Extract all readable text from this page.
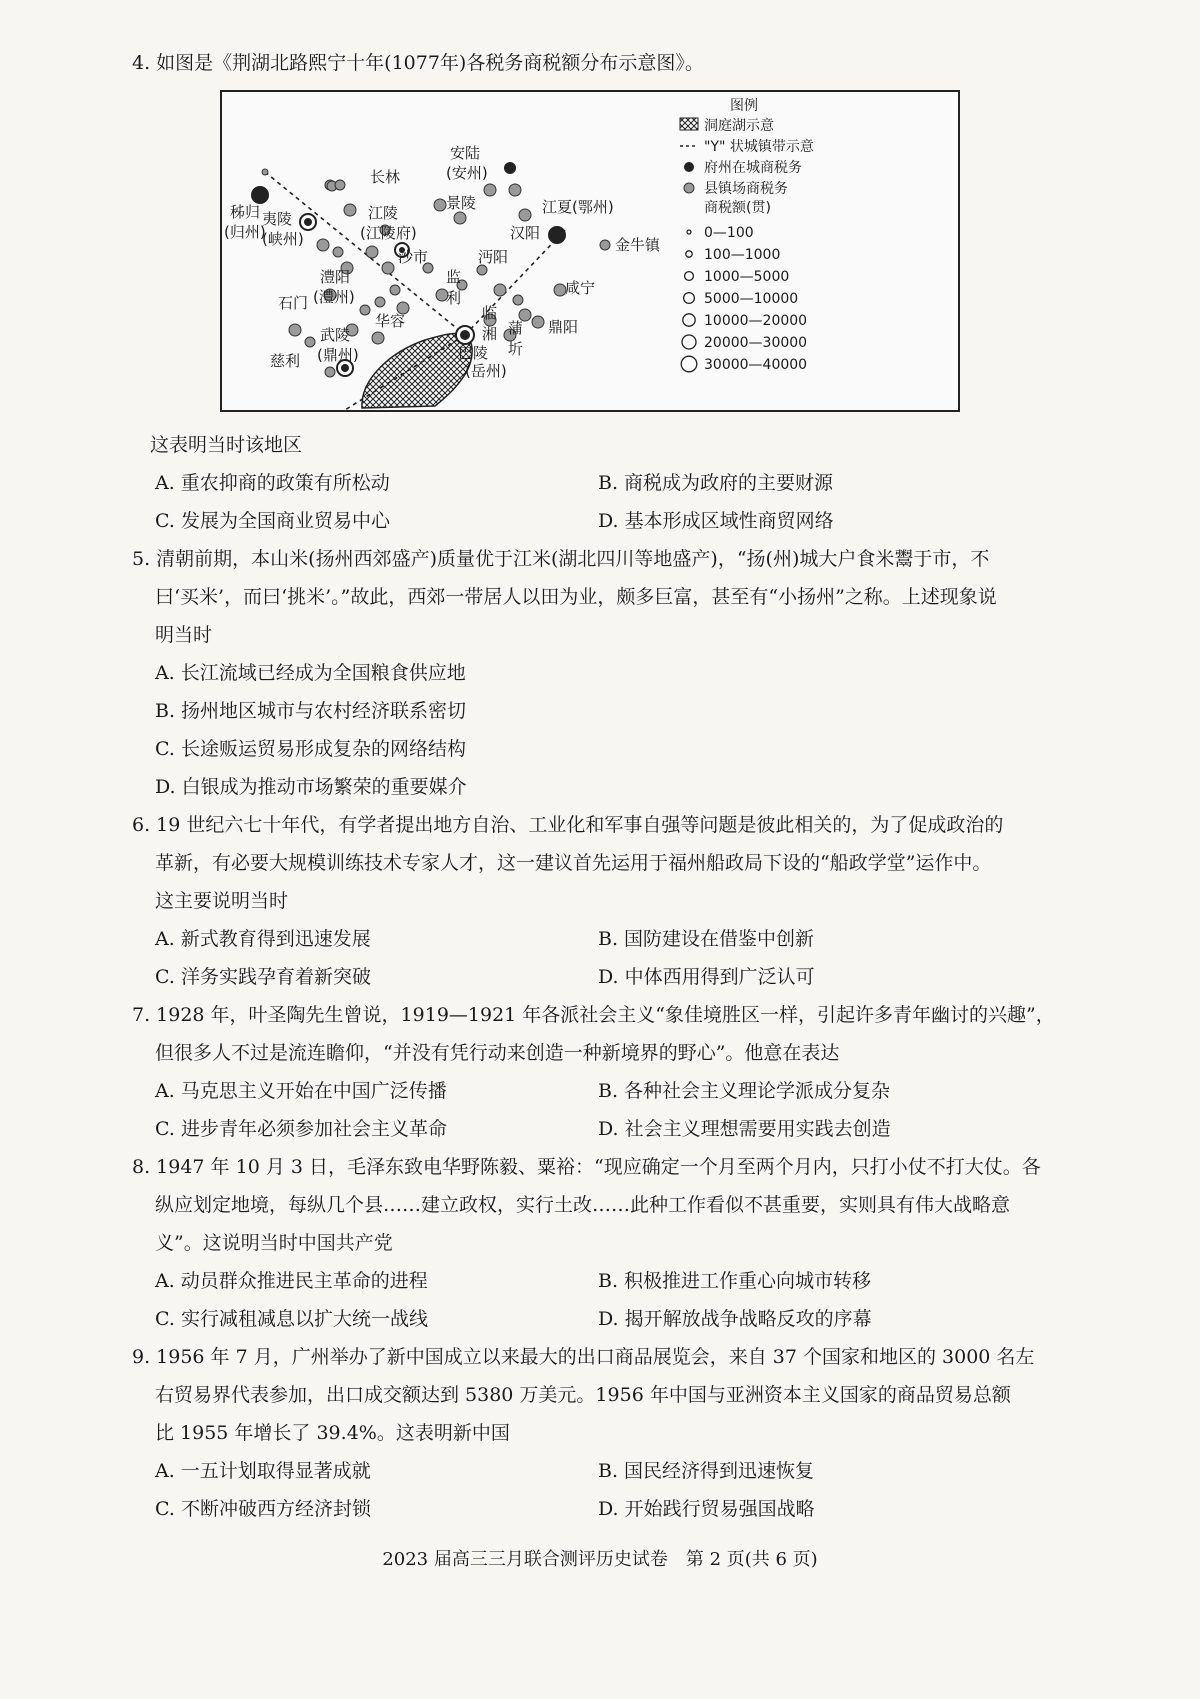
4. 如图是《荆湖北路熙宁十年(1077年)各税务商税额分布示意图》。
长林
安陆
(安州)
秭归
(归州)
夷陵
(峡州)
江陵
(江陵府)
景陵	江夏(鄂州)
汉阳
金牛镇
沙市	沔阳
澧阳
(澧州)
监
利
石门
华容
咸宁
临
湘 蒲
圻
鼎阳
武陵
(鼎州)	巴陵
(岳州)
慈利
图例
洞庭湖示意
"Y" 状城镇带示意
府州在城商税务
县镇场商税务
商税额(贯)
0—100
100—1000
1000—5000
5000—10000
10000—20000
20000—30000
30000—40000
这表明当时该地区
A. 重农抑商的政策有所松动	B. 商税成为政府的主要财源
C. 发展为全国商业贸易中心	D. 基本形成区域性商贸网络
5. 清朝前期，本山米(扬州西郊盛产)质量优于江米(湖北四川等地盛产)，“扬(州)城大户食米鬻于市，不
曰‘买米’，而曰‘挑米’。”故此，西郊一带居人以田为业，颇多巨富，甚至有“小扬州”之称。上述现象说
明当时
A. 长江流域已经成为全国粮食供应地
B. 扬州地区城市与农村经济联系密切
C. 长途贩运贸易形成复杂的网络结构
D. 白银成为推动市场繁荣的重要媒介
6. 19 世纪六七十年代，有学者提出地方自治、工业化和军事自强等问题是彼此相关的，为了促成政治的
革新，有必要大规模训练技术专家人才，这一建议首先运用于福州船政局下设的“船政学堂”运作中。
这主要说明当时
A. 新式教育得到迅速发展	B. 国防建设在借鉴中创新
C. 洋务实践孕育着新突破	D. 中体西用得到广泛认可
7. 1928 年，叶圣陶先生曾说，1919—1921 年各派社会主义“象佳境胜区一样，引起许多青年幽讨的兴趣”，
但很多人不过是流连瞻仰，“并没有凭行动来创造一种新境界的野心”。他意在表达
A. 马克思主义开始在中国广泛传播	B. 各种社会主义理论学派成分复杂
C. 进步青年必须参加社会主义革命	D. 社会主义理想需要用实践去创造
8. 1947 年 10 月 3 日，毛泽东致电华野陈毅、粟裕：“现应确定一个月至两个月内，只打小仗不打大仗。各
纵应划定地境，每纵几个县……建立政权，实行土改……此种工作看似不甚重要，实则具有伟大战略意
义”。这说明当时中国共产党
A. 动员群众推进民主革命的进程	B. 积极推进工作重心向城市转移
C. 实行减租减息以扩大统一战线	D. 揭开解放战争战略反攻的序幕
9. 1956 年 7 月，广州举办了新中国成立以来最大的出口商品展览会，来自 37 个国家和地区的 3000 名左
右贸易界代表参加，出口成交额达到 5380 万美元。1956 年中国与亚洲资本主义国家的商品贸易总额
比 1955 年增长了 39.4%。这表明新中国
A. 一五计划取得显著成就	B. 国民经济得到迅速恢复
C. 不断冲破西方经济封锁	D. 开始践行贸易强国战略
2023 届高三三月联合测评历史试卷　第 2 页(共 6 页)
